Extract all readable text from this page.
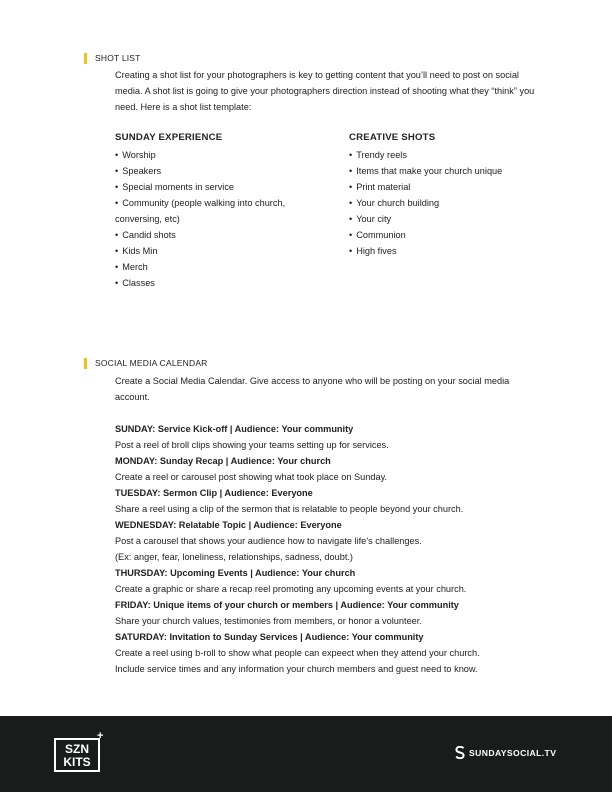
SHOT LIST
Creating a shot list for your photographers is key to getting content that you’ll need to post on social media. A shot list is going to give your photographers direction instead of shooting what they “think” you need. Here is a shot list template:
SUNDAY EXPERIENCE
• Worship
• Speakers
• Special moments in service
• Community (people walking into church, conversing, etc)
• Candid shots
• Kids Min
• Merch
• Classes
CREATIVE SHOTS
• Trendy reels
• Items that make your church unique
• Print material
• Your church building
• Your city
• Communion
• High fives
SOCIAL MEDIA CALENDAR
Create a Social Media Calendar. Give access to anyone who will be posting on your social media account.
SUNDAY: Service Kick-off | Audience: Your community
Post a reel of broll clips showing your teams setting up for services.
MONDAY: Sunday Recap | Audience: Your church
Create a reel or carousel post showing what took place on Sunday.
TUESDAY: Sermon Clip | Audience: Everyone
Share a reel using a clip of the sermon that is relatable to people beyond your church.
WEDNESDAY: Relatable Topic | Audience: Everyone
Post a carousel that shows your audience how to navigate life’s challenges.
(Ex: anger, fear, loneliness, relationships, sadness, doubt.)
THURSDAY: Upcoming Events | Audience: Your church
Create a graphic or share a recap reel promoting any upcoming events at your church.
FRIDAY: Unique items of your church or members | Audience: Your community
Share your church values, testimonies from members, or honor a volunteer.
SATURDAY: Invitation to Sunday Services | Audience: Your community
Create a reel using b-roll to show what people can expeect when they attend your church. Include service times and any information your church members and guest need to know.
SZN
KITS
+
SUNDAYSOCIAL.TV
